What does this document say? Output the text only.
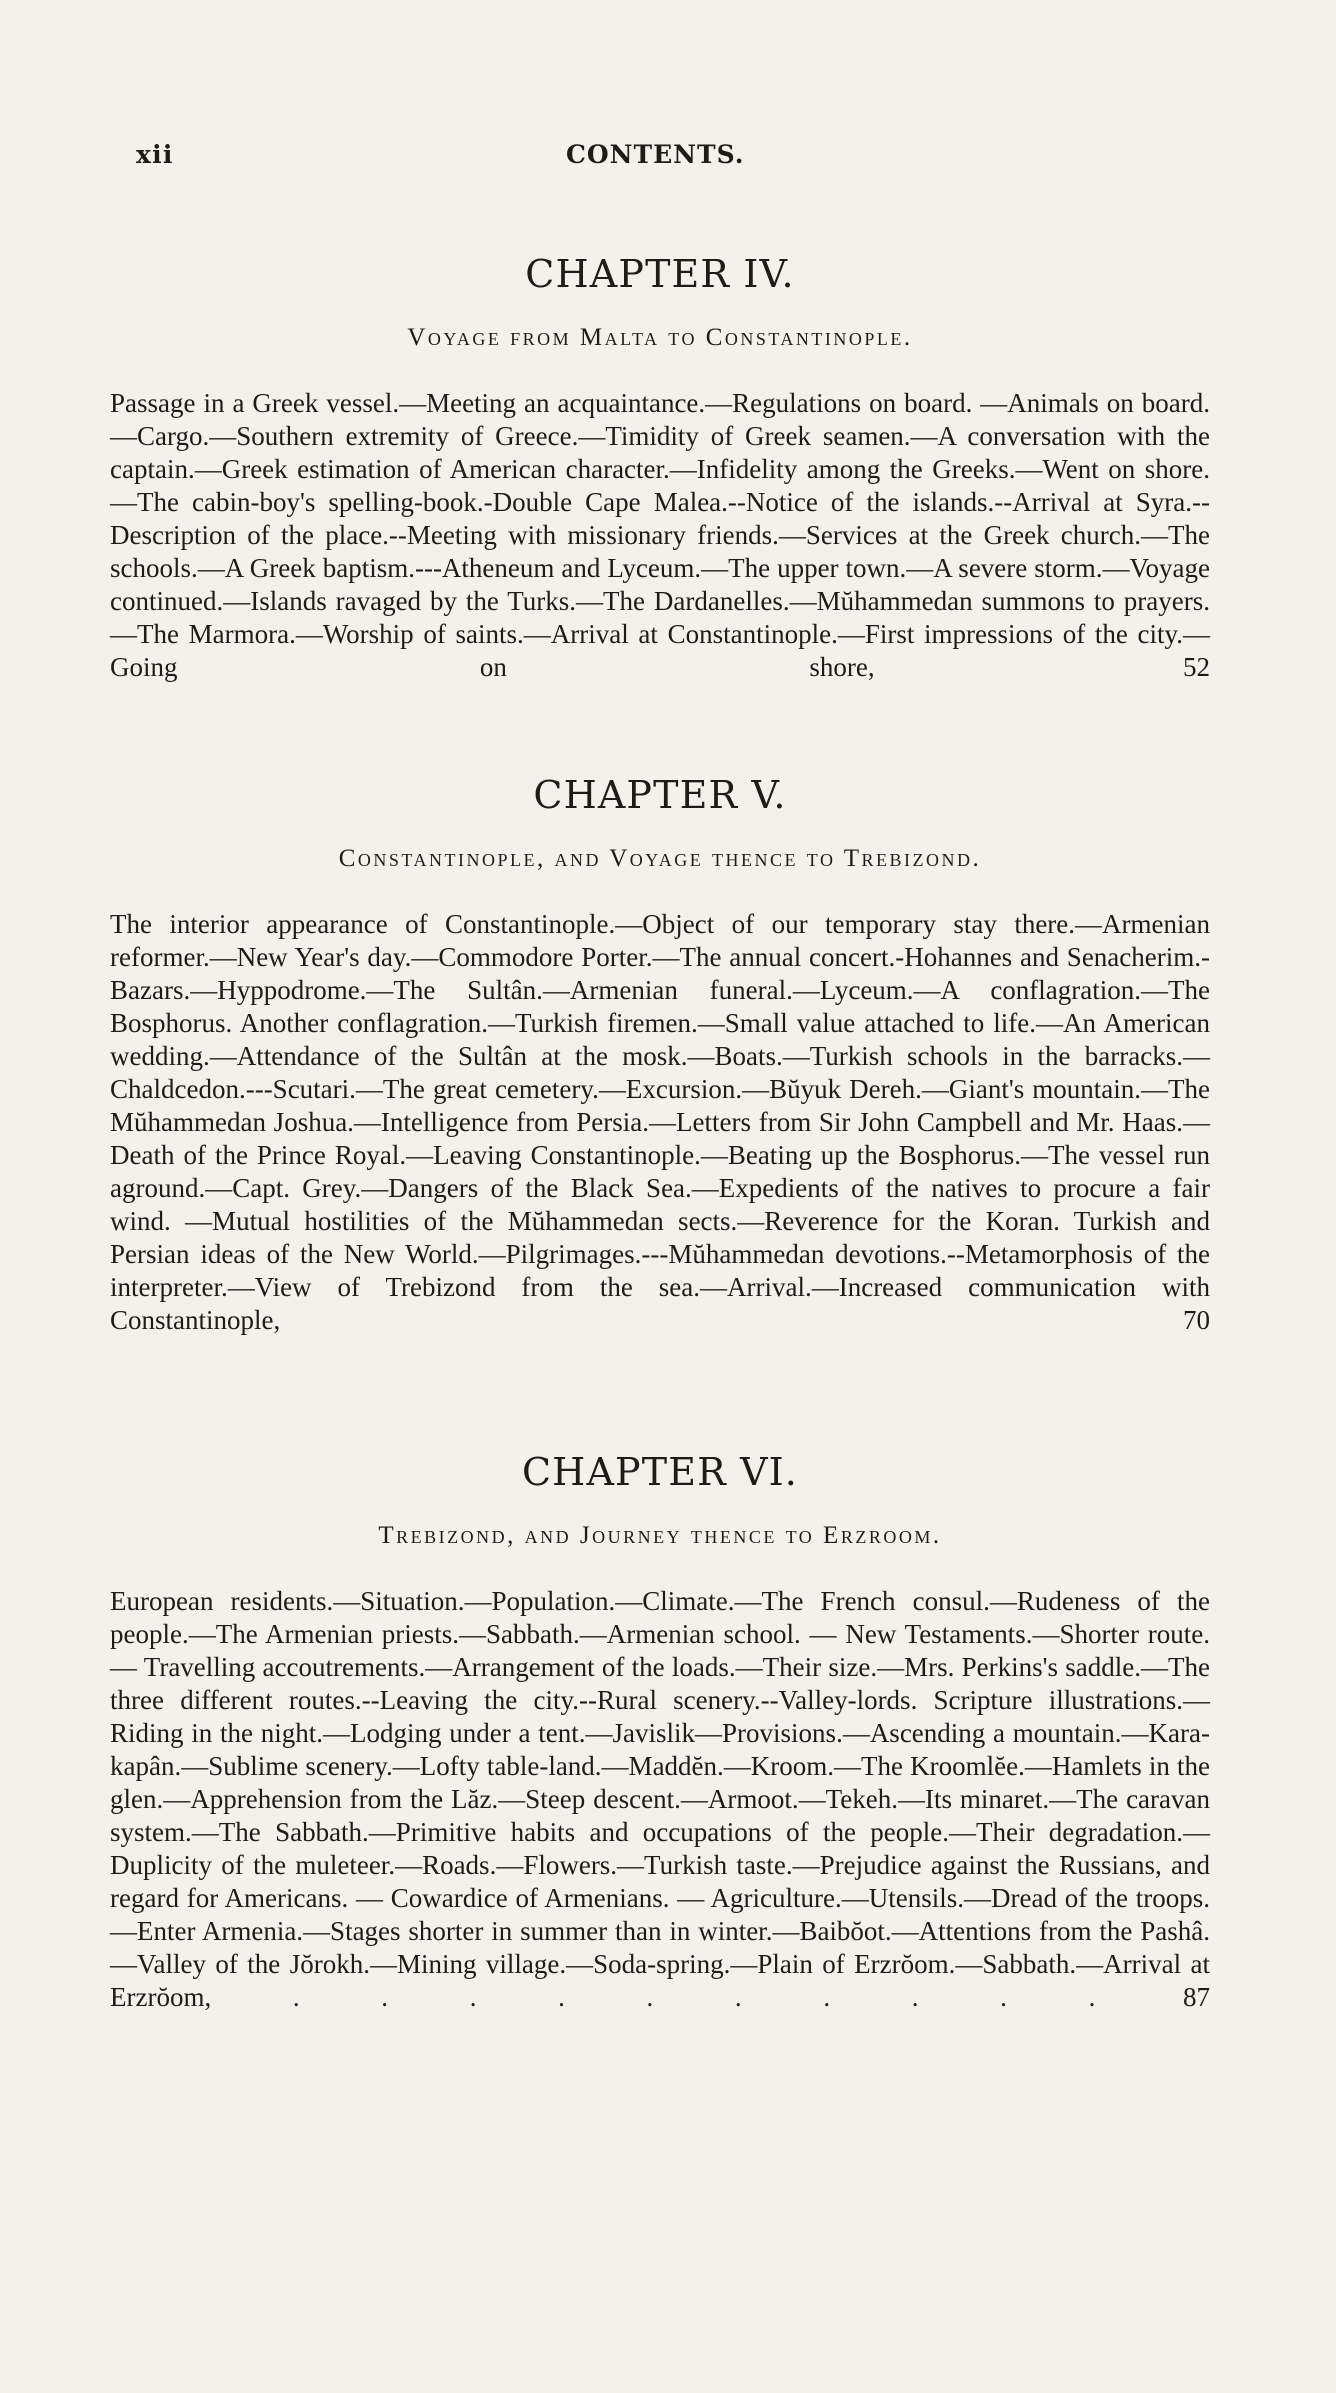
xii	CONTENTS.
CHAPTER IV.
Voyage from Malta to Constantinople.

Passage in a Greek vessel.—Meeting an acquaintance.—Regulations on board. —Animals on board.—Cargo.—Southern extremity of Greece.—Timidity of Greek seamen.—A conversation with the captain.—Greek estimation of American character.—Infidelity among the Greeks.—Went on shore.—The cabin-boy's spelling-book.-Double Cape Malea.--Notice of the islands.--Arrival at Syra.--Description of the place.--Meeting with missionary friends.—Services at the Greek church.—The schools.—A Greek baptism.---Atheneum and Lyceum.—The upper town.—A severe storm.—Voyage continued.—Islands ravaged by the Turks.—The Dardanelles.—Mŭhammedan summons to prayers.—The Marmora.—Worship of saints.—Arrival at Constantinople.—First impressions of the city.—Going on shore,	52

CHAPTER V.
Constantinople, and Voyage thence to Trebizond.

The interior appearance of Constantinople.—Object of our temporary stay there.—Armenian reformer.—New Year's day.—Commodore Porter.—The annual concert.-Hohannes and Senacherim.-Bazars.—Hyppodrome.—The Sultân.—Armenian funeral.—Lyceum.—A conflagration.—The Bosphorus. Another conflagration.—Turkish firemen.—Small value attached to life.—An American wedding.—Attendance of the Sultân at the mosk.—Boats.—Turkish schools in the barracks.—Chaldcedon.---Scutari.—The great cemetery.—Excursion.—Bŭyuk Dereh.—Giant's mountain.—The Mŭhammedan Joshua.—Intelligence from Persia.—Letters from Sir John Campbell and Mr. Haas.—Death of the Prince Royal.—Leaving Constantinople.—Beating up the Bosphorus.—The vessel run aground.—Capt. Grey.—Dangers of the Black Sea.—Expedients of the natives to procure a fair wind. —Mutual hostilities of the Mŭhammedan sects.—Reverence for the Koran. Turkish and Persian ideas of the New World.—Pilgrimages.---Mŭhammedan devotions.--Metamorphosis of the interpreter.—View of Trebizond from the sea.—Arrival.—Increased communication with Constantinople,	70

CHAPTER VI.
Trebizond, and Journey thence to Erzroom.

European residents.—Situation.—Population.—Climate.—The French consul.—Rudeness of the people.—The Armenian priests.—Sabbath.—Armenian school. — New Testaments.—Shorter route. — Travelling accoutrements.—Arrangement of the loads.—Their size.—Mrs. Perkins's saddle.—The three different routes.--Leaving the city.--Rural scenery.--Valley-lords. Scripture illustrations.—Riding in the night.—Lodging under a tent.—Javislik—Provisions.—Ascending a mountain.—Kara-kapân.—Sublime scenery.—Lofty table-land.—Maddĕn.—Kroom.—The Kroomlĕe.—Hamlets in the glen.—Apprehension from the Lăz.—Steep descent.—Armoot.—Tekeh.—Its minaret.—The caravan system.—The Sabbath.—Primitive habits and occupations of the people.—Their degradation.—Duplicity of the muleteer.—Roads.—Flowers.—Turkish taste.—Prejudice against the Russians, and regard for Americans. — Cowardice of Armenians. — Agriculture.—Utensils.—Dread of the troops.—Enter Armenia.—Stages shorter in summer than in winter.—Baibŏot.—Attentions from the Pashâ.—Valley of the Jŏrokh.—Mining village.—Soda-spring.—Plain of Erzrŏom.—Sabbath.—Arrival at Erzrŏom, . . . . . . . . . .	87
